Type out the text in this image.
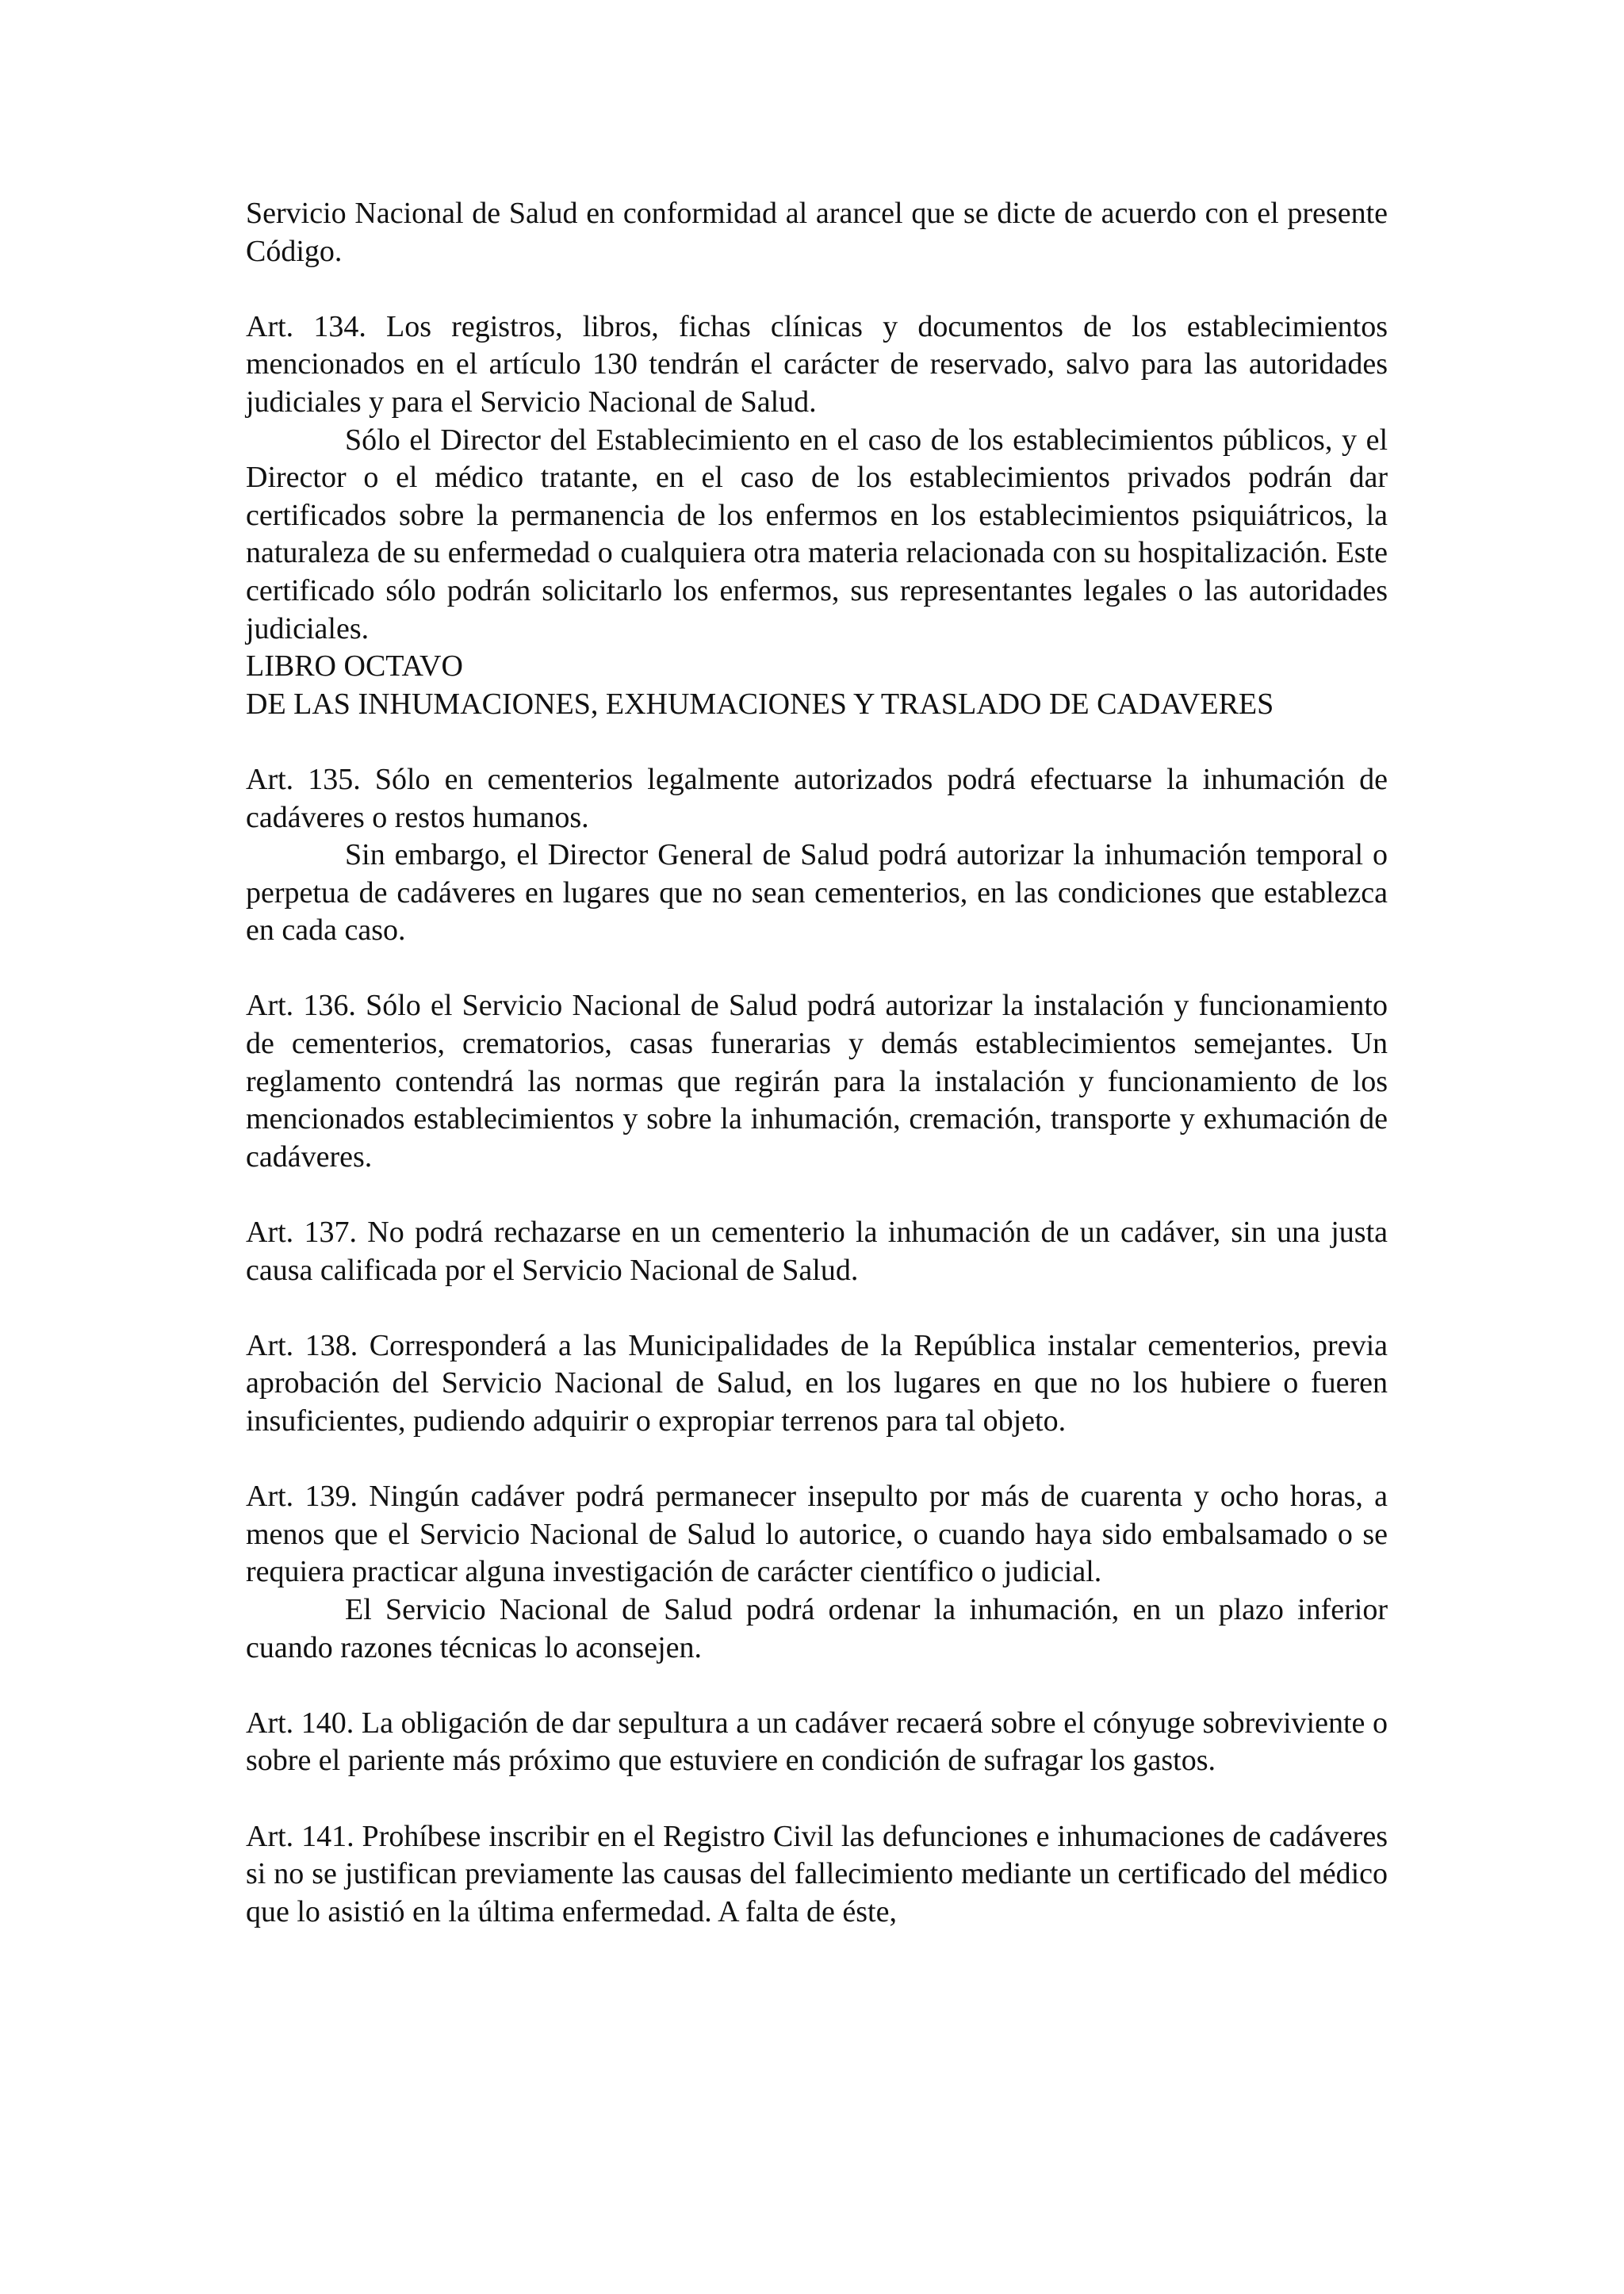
Servicio Nacional de Salud en conformidad al arancel que se dicte de acuerdo con el presente Código.

Art. 134. Los registros, libros, fichas clínicas y documentos de los establecimientos mencionados en el artículo 130 tendrán el carácter de reservado, salvo para las autoridades judiciales y para el Servicio Nacional de Salud.

Sólo el Director del Establecimiento en el caso de los establecimientos públicos, y el Director o el médico tratante, en el caso de los establecimientos privados podrán dar certificados sobre la permanencia de los enfermos en los establecimientos psiquiátricos, la naturaleza de su enfermedad o cualquiera otra materia relacionada con su hospitalización. Este certificado sólo podrán solicitarlo los enfermos, sus representantes legales o las autoridades judiciales.

LIBRO OCTAVO

DE LAS INHUMACIONES, EXHUMACIONES Y TRASLADO DE CADAVERES

Art. 135. Sólo en cementerios legalmente autorizados podrá efectuarse la inhumación de cadáveres o restos humanos.

Sin embargo, el Director General de Salud podrá autorizar la inhumación temporal o perpetua de cadáveres en lugares que no sean cementerios, en las condiciones que establezca en cada caso.

Art. 136. Sólo el Servicio Nacional de Salud podrá autorizar la instalación y funcionamiento de cementerios, crematorios, casas funerarias y demás establecimientos semejantes. Un reglamento contendrá las normas que regirán para la instalación y funcionamiento de los mencionados establecimientos y sobre la inhumación, cremación, transporte y exhumación de cadáveres.

Art. 137. No podrá rechazarse en un cementerio la inhumación de un cadáver, sin una justa causa calificada por el Servicio Nacional de Salud.

Art. 138. Corresponderá a las Municipalidades de la República instalar cementerios, previa aprobación del Servicio Nacional de Salud, en los lugares en que no los hubiere o fueren insuficientes, pudiendo adquirir o expropiar terrenos para tal objeto.

Art. 139. Ningún cadáver podrá permanecer insepulto por más de cuarenta y ocho horas, a menos que el Servicio Nacional de Salud lo autorice, o cuando haya sido embalsamado o se requiera practicar alguna investigación de carácter científico o judicial.

El Servicio Nacional de Salud podrá ordenar la inhumación, en un plazo inferior cuando razones técnicas lo aconsejen.

Art. 140. La obligación de dar sepultura a un cadáver recaerá sobre el cónyuge sobreviviente o sobre el pariente más próximo que estuviere en condición de sufragar los gastos.

Art. 141. Prohíbese inscribir en el Registro Civil las defunciones e inhumaciones de cadáveres si no se justifican previamente las causas del fallecimiento mediante un certificado del médico que lo asistió en la última enfermedad. A falta de éste,
